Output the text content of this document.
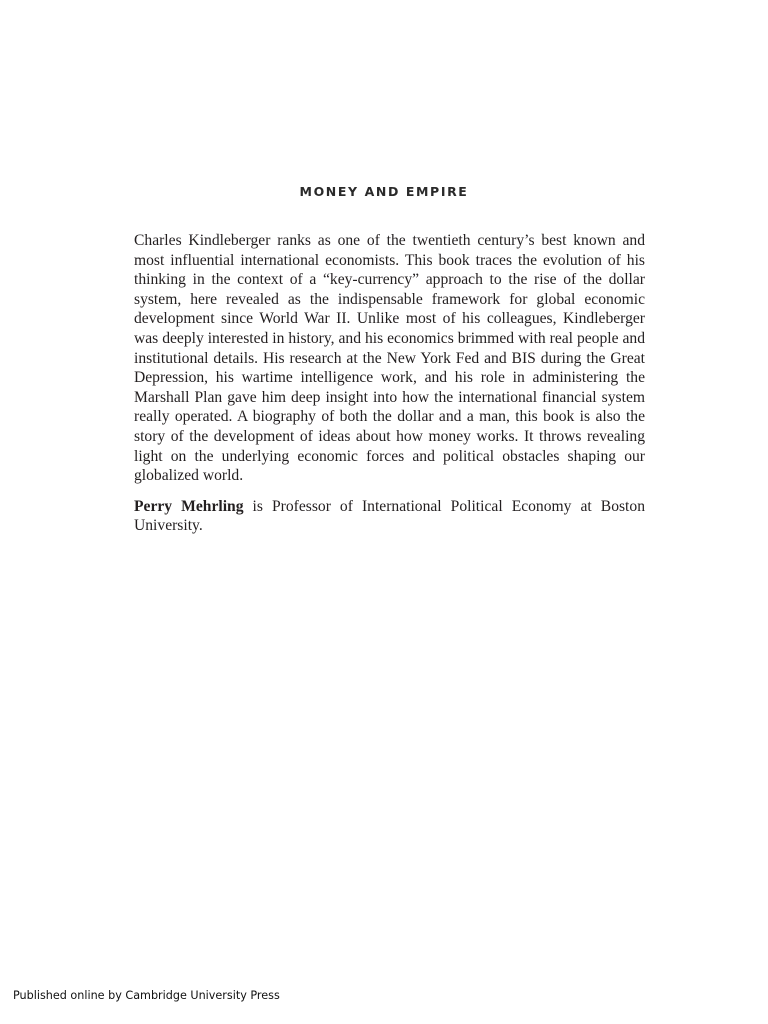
MONEY AND EMPIRE

Charles Kindleberger ranks as one of the twentieth century’s best known and most influential international economists. This book traces the evolution of his thinking in the context of a “key-currency” approach to the rise of the dollar system, here revealed as the indispensable framework for global economic development since World War II. Unlike most of his colleagues, Kindleberger was deeply interested in history, and his economics brimmed with real people and institutional details. His research at the New York Fed and BIS during the Great Depression, his wartime intelligence work, and his role in administering the Marshall Plan gave him deep insight into how the international financial system really operated. A biography of both the dollar and a man, this book is also the story of the development of ideas about how money works. It throws revealing light on the underlying economic forces and political obstacles shaping our globalized world.

Perry Mehrling is Professor of International Political Economy at Boston University.

Published online by Cambridge University Press
